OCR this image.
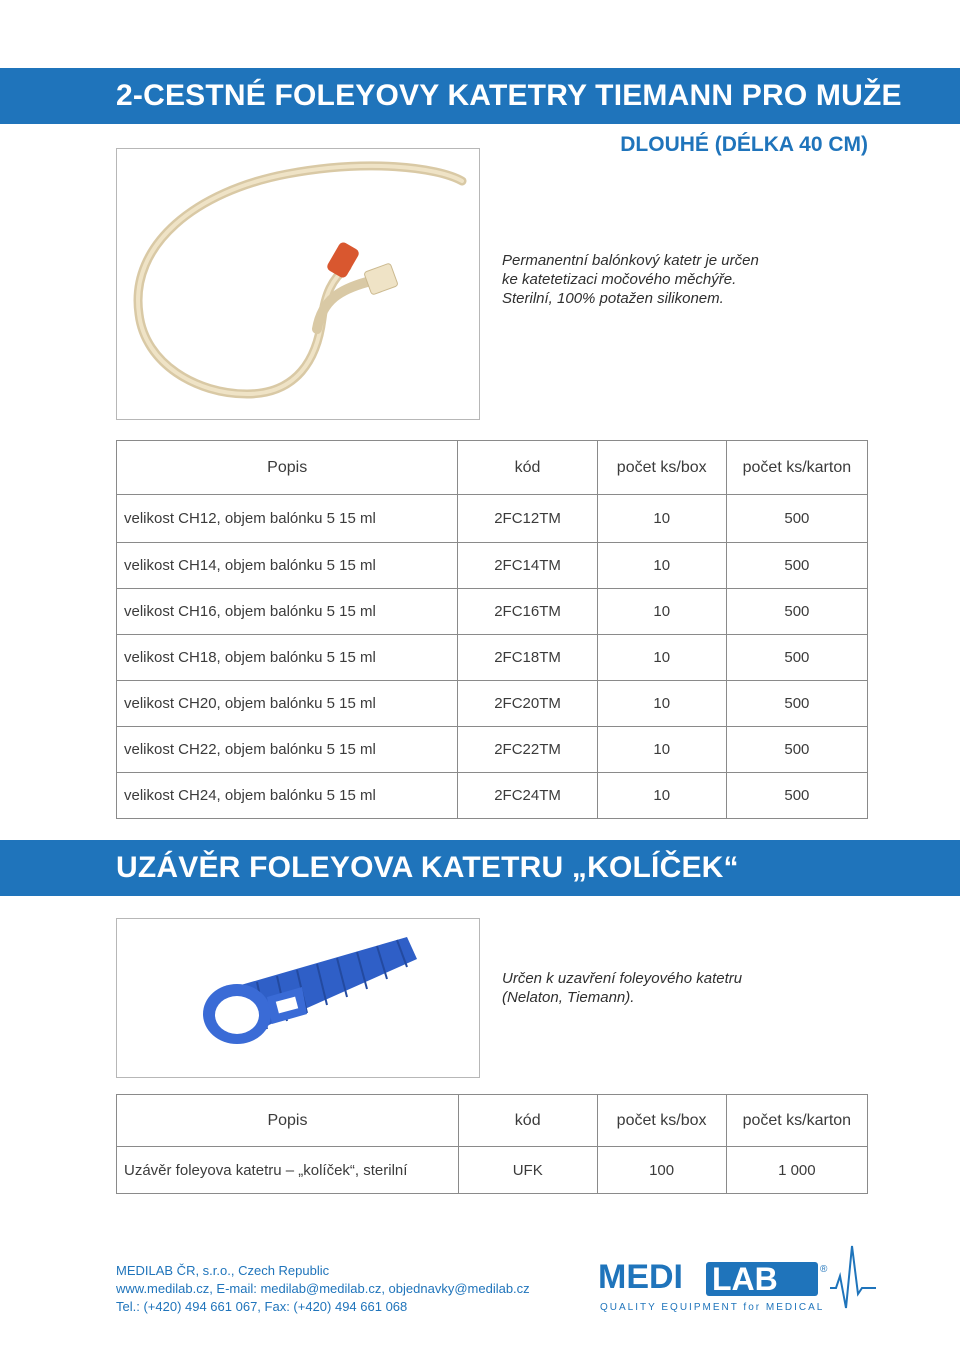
2-CESTNÉ FOLEYOVY KATETRY TIEMANN PRO MUŽE
DLOUHÉ (DÉLKA 40 CM)
Permanentní balónkový katetr je určen
ke katetetizaci močového měchýře.
Sterilní, 100% potažen silikonem.
Popis	kód	počet ks/box	počet ks/karton
velikost CH12, objem balónku 5 15 ml	2FC12TM	10	500
velikost CH14, objem balónku 5 15 ml	2FC14TM	10	500
velikost CH16, objem balónku 5 15 ml	2FC16TM	10	500
velikost CH18, objem balónku 5 15 ml	2FC18TM	10	500
velikost CH20, objem balónku 5 15 ml	2FC20TM	10	500
velikost CH22, objem balónku 5 15 ml	2FC22TM	10	500
velikost CH24, objem balónku 5 15 ml	2FC24TM	10	500
UZÁVĚR FOLEYOVA KATETRU „KOLÍČEK“
Určen k uzavření foleyového katetru
(Nelaton, Tiemann).
Popis	kód	počet ks/box	počet ks/karton
Uzávěr foleyova katetru – „kolíček“, sterilní	UFK	100	1 000
MEDILAB ČR, s.r.o., Czech Republic
www.medilab.cz, E-mail: medilab@medilab.cz, objednavky@medilab.cz
Tel.: (+420) 494 661 067, Fax: (+420) 494 661 068
MEDI LAB	®
QUALITY EQUIPMENT for MEDICAL
